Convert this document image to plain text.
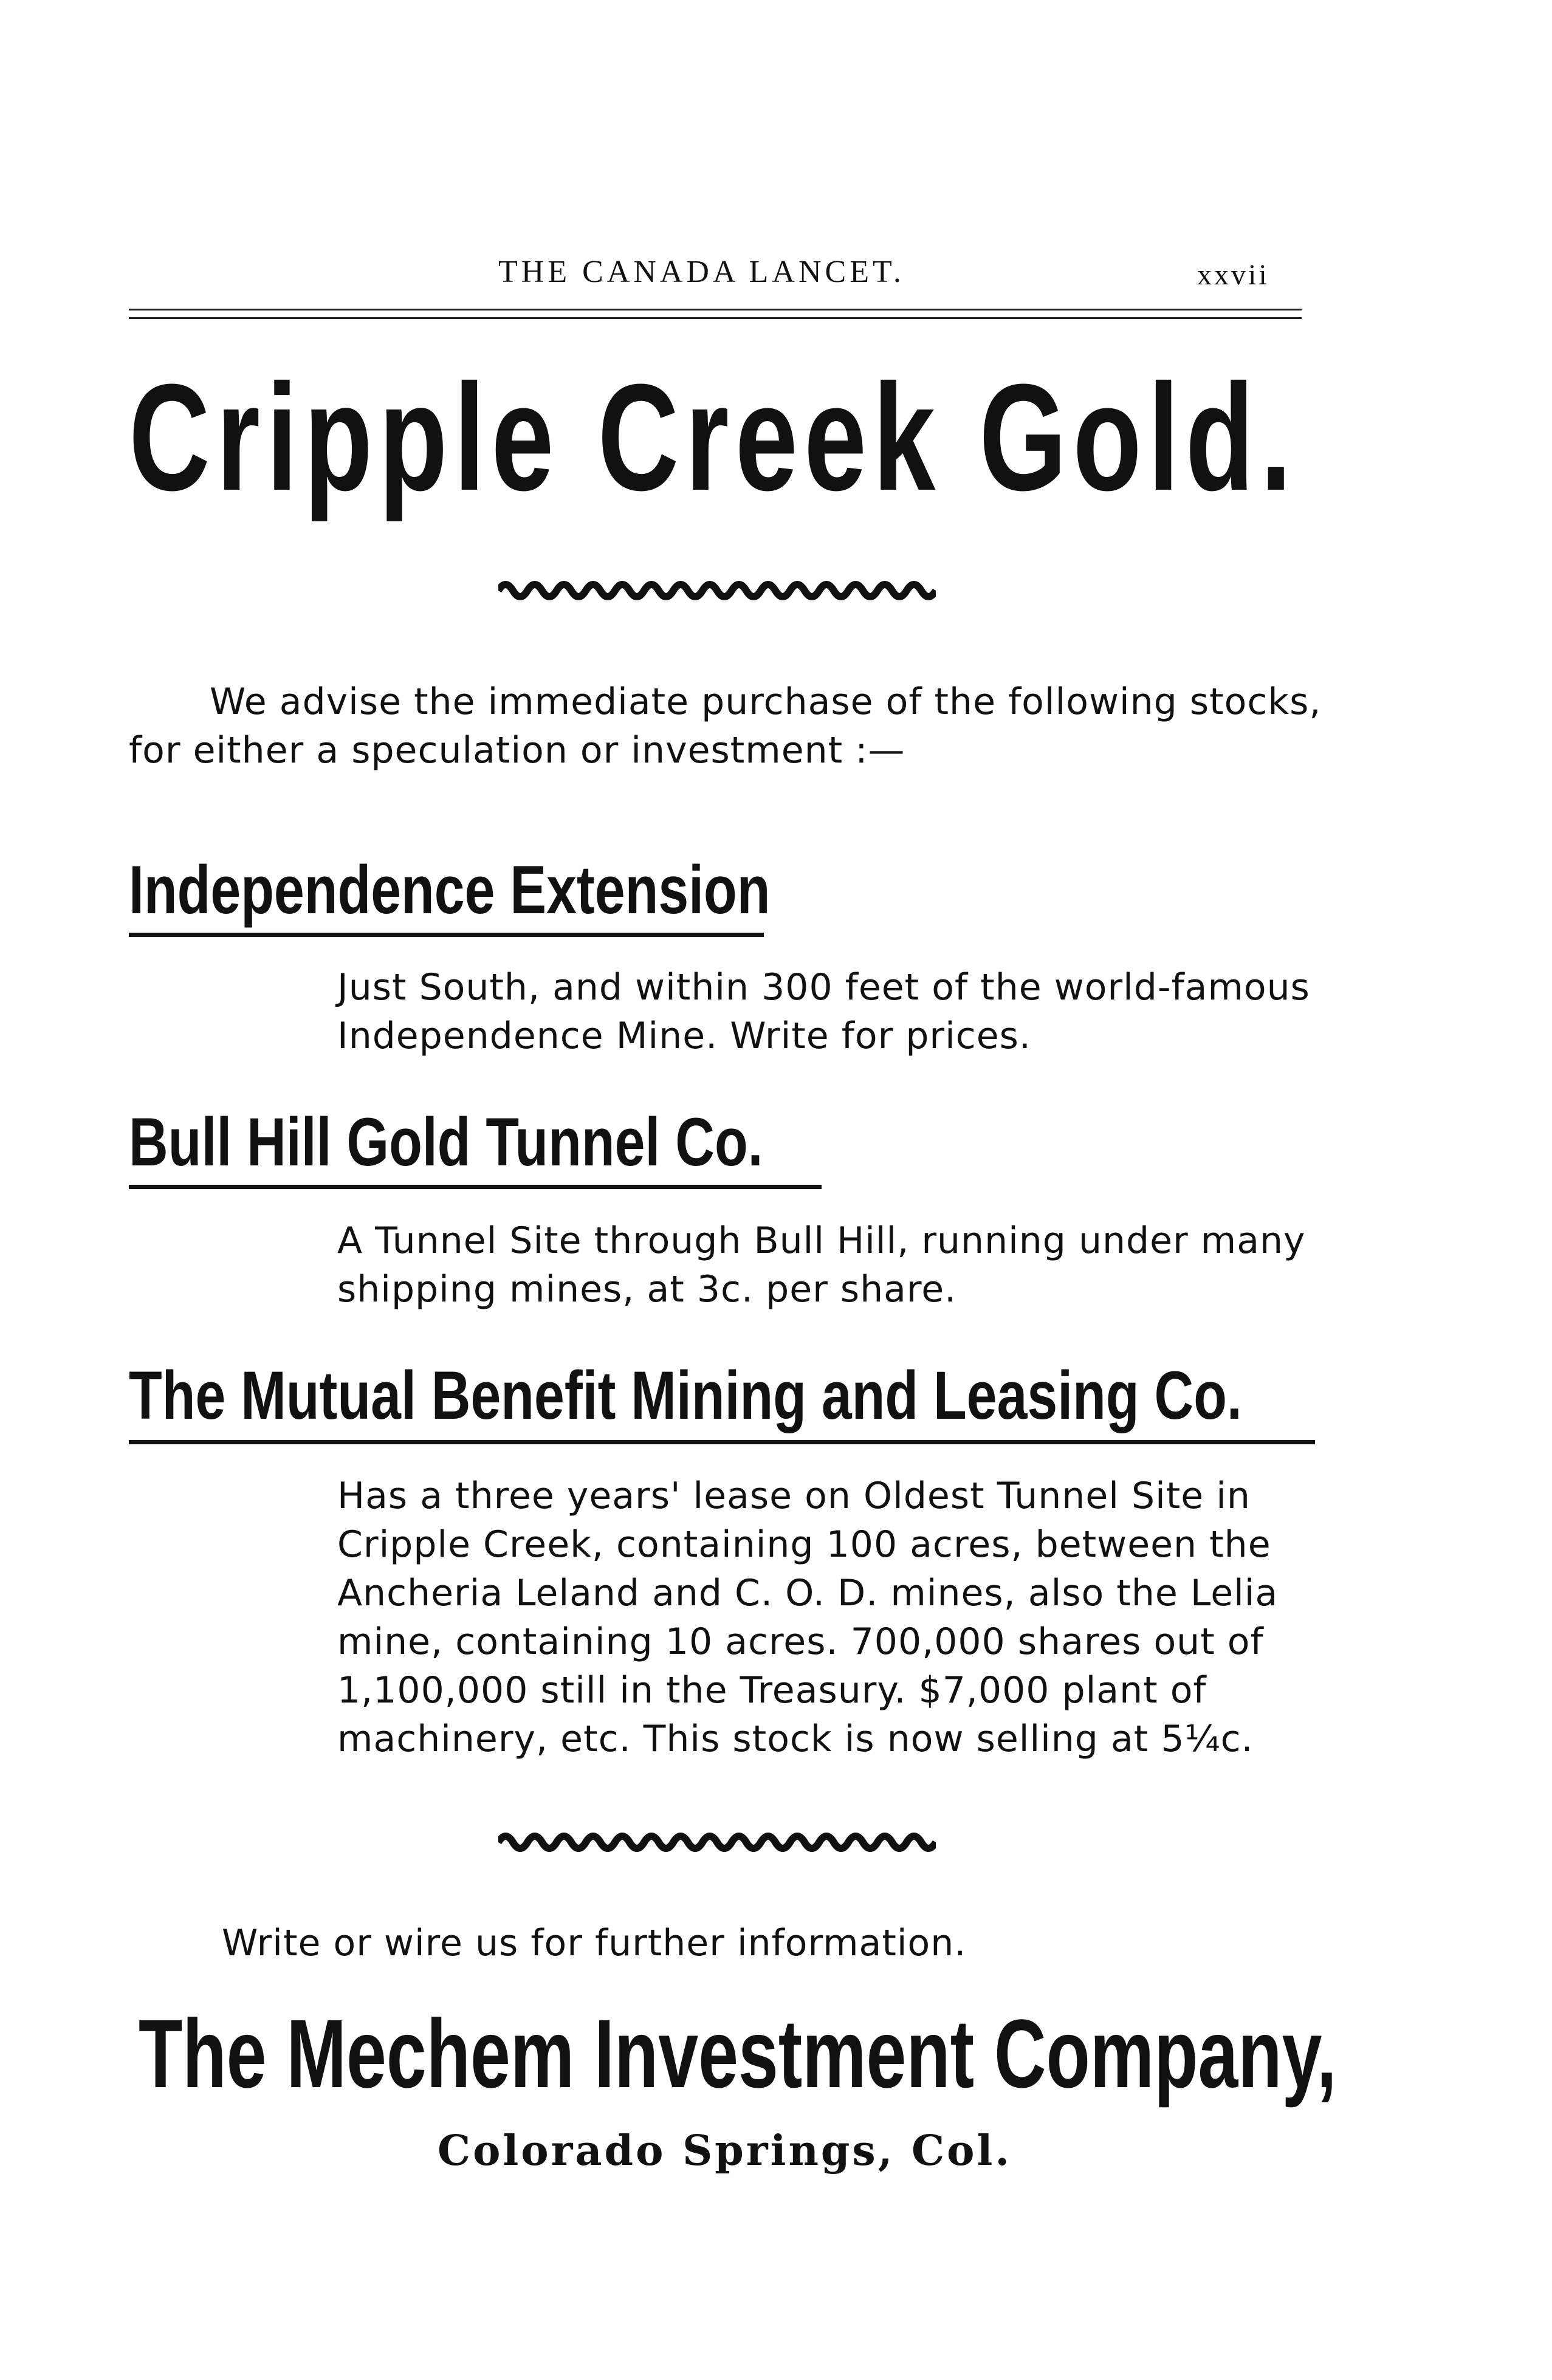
THE CANADA LANCET.	xxvii
Cripple Creek Gold.
We advise the immediate purchase of the following stocks,
for either a speculation or investment :—
Independence Extension
Just South, and within 300 feet of the world-famous
Independence Mine. Write for prices.
Bull Hill Gold Tunnel Co.
A Tunnel Site through Bull Hill, running under many
shipping mines, at 3c. per share.
The Mutual Benefit Mining and Leasing Co.
Has a three years' lease on Oldest Tunnel Site in
Cripple Creek, containing 100 acres, between the
Ancheria Leland and C. O. D. mines, also the Lelia
mine, containing 10 acres. 700,000 shares out of
1,100,000 still in the Treasury. $7,000 plant of
machinery, etc. This stock is now selling at 5¼c.
Write or wire us for further information.
The Mechem Investment Company,
Colorado Springs, Col.
